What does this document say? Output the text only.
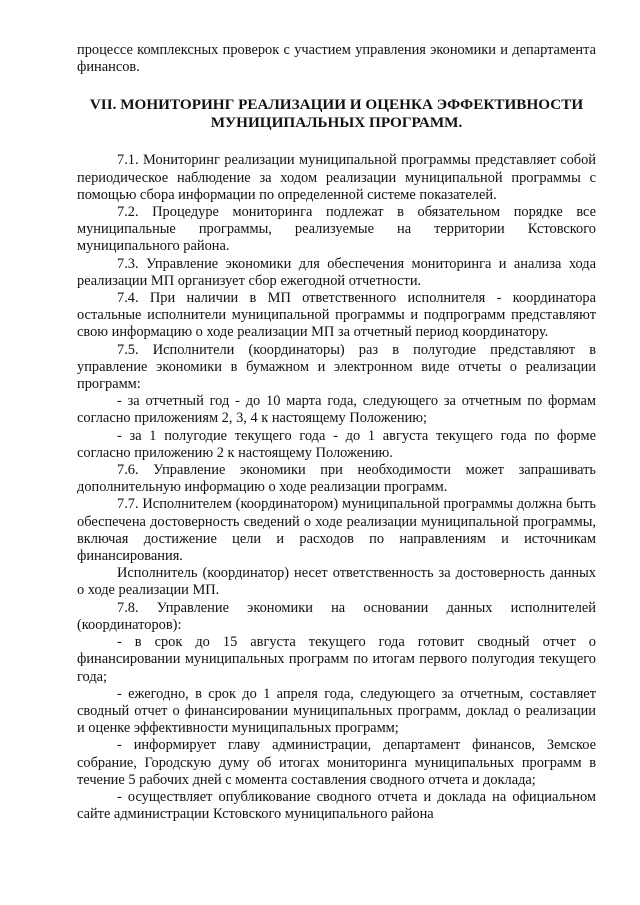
процессе комплексных проверок с участием управления экономики и департамента финансов.

VII. МОНИТОРИНГ РЕАЛИЗАЦИИ И ОЦЕНКА ЭФФЕКТИВНОСТИ
МУНИЦИПАЛЬНЫХ ПРОГРАММ.

7.1. Мониторинг реализации муниципальной программы представляет собой периодическое наблюдение за ходом реализации муниципальной программы с помощью сбора информации по определенной системе показателей.

7.2. Процедуре мониторинга подлежат в обязательном порядке все муниципальные программы, реализуемые на территории Кстовского муниципального района.

7.3. Управление экономики для обеспечения мониторинга и анализа хода реализации МП организует сбор ежегодной отчетности.

7.4. При наличии в МП ответственного исполнителя - координатора остальные исполнители муниципальной программы и подпрограмм представляют свою информацию о ходе реализации МП за отчетный период координатору.

7.5. Исполнители (координаторы) раз в полугодие представляют в управление экономики в бумажном и электронном виде отчеты о реализации программ:

- за отчетный год - до 10 марта года, следующего за отчетным по формам согласно приложениям 2, 3, 4 к настоящему Положению;

- за 1 полугодие текущего года - до 1 августа текущего года по форме согласно приложению 2 к настоящему Положению.

7.6. Управление экономики при необходимости может запрашивать дополнительную информацию о ходе реализации программ.

7.7. Исполнителем (координатором) муниципальной программы должна быть обеспечена достоверность сведений о ходе реализации муниципальной программы, включая достижение цели и расходов по направлениям и источникам финансирования.

Исполнитель (координатор) несет ответственность за достоверность данных о ходе реализации МП.

7.8. Управление экономики на основании данных исполнителей (координаторов):

- в срок до 15 августа текущего года готовит сводный отчет о финансировании муниципальных программ по итогам первого полугодия текущего года;

- ежегодно, в срок до 1 апреля года, следующего за отчетным, составляет сводный отчет о финансировании муниципальных программ, доклад о реализации и оценке эффективности муниципальных программ;

- информирует главу администрации, департамент финансов, Земское собрание, Городскую думу об итогах мониторинга муниципальных программ в течение 5 рабочих дней с момента составления сводного отчета и доклада;

- осуществляет опубликование сводного отчета и доклада на официальном сайте администрации Кстовского муниципального района
